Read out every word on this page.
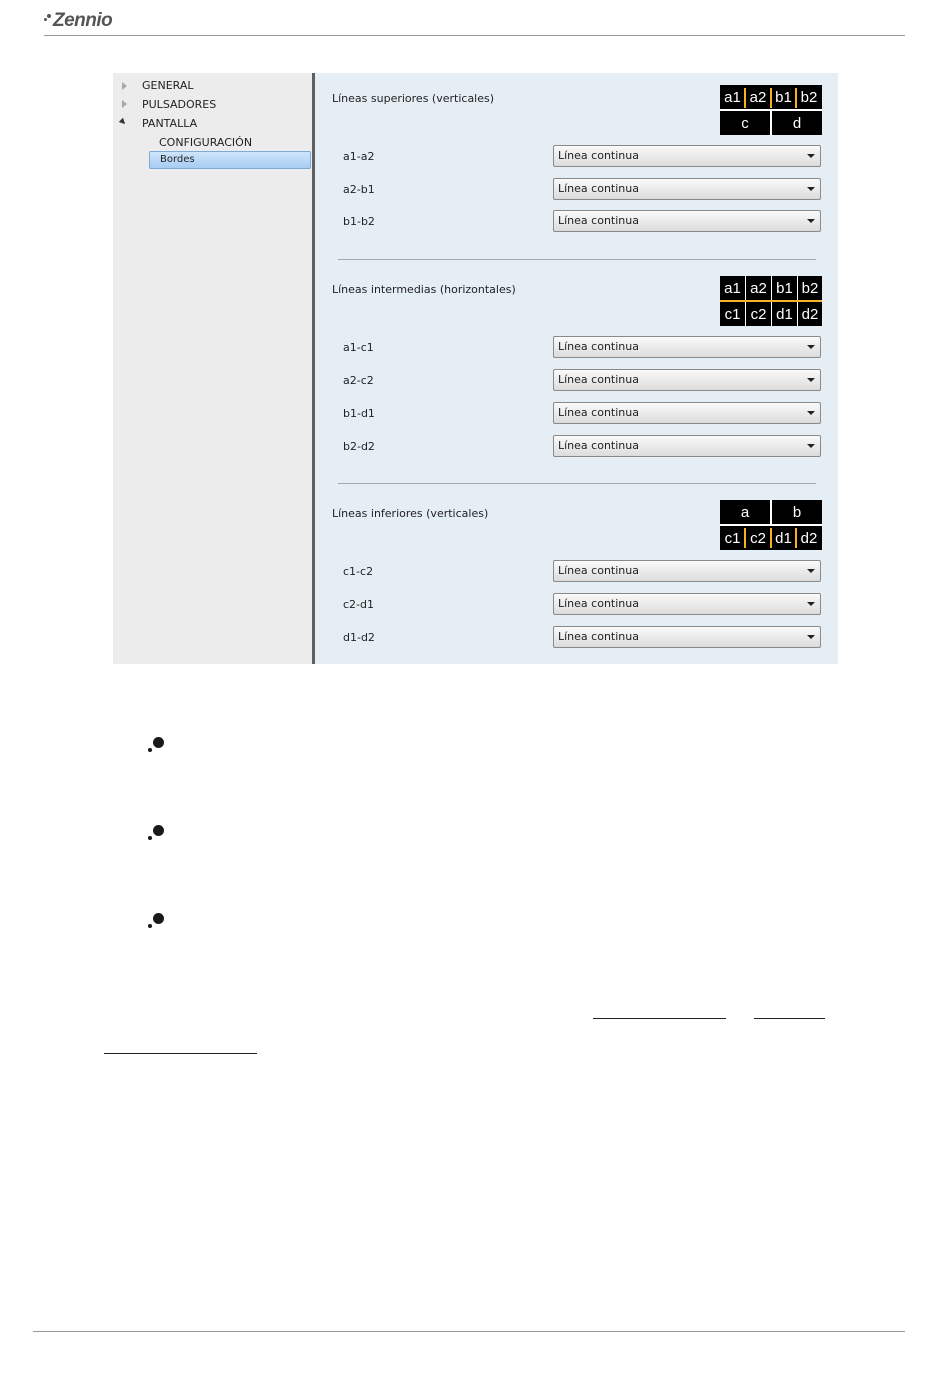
Zennio
GENERAL
PULSADORES
PANTALLA
CONFIGURACIÓN
Bordes
Líneas superiores (verticales)	a1 a2 b1 b2
c	d
a1-a2	Línea continua
a2-b1	Línea continua
b1-b2	Línea continua
Líneas intermedias (horizontales)	a1 a2 b1 b2
c1 c2 d1 d2
a1-c1	Línea continua
a2-c2	Línea continua
b1-d1	Línea continua
b2-d2	Línea continua
Líneas inferiores (verticales)	a	b
c1 c2 d1 d2
c1-c2	Línea continua
c2-d1	Línea continua
d1-d2	Línea continua
